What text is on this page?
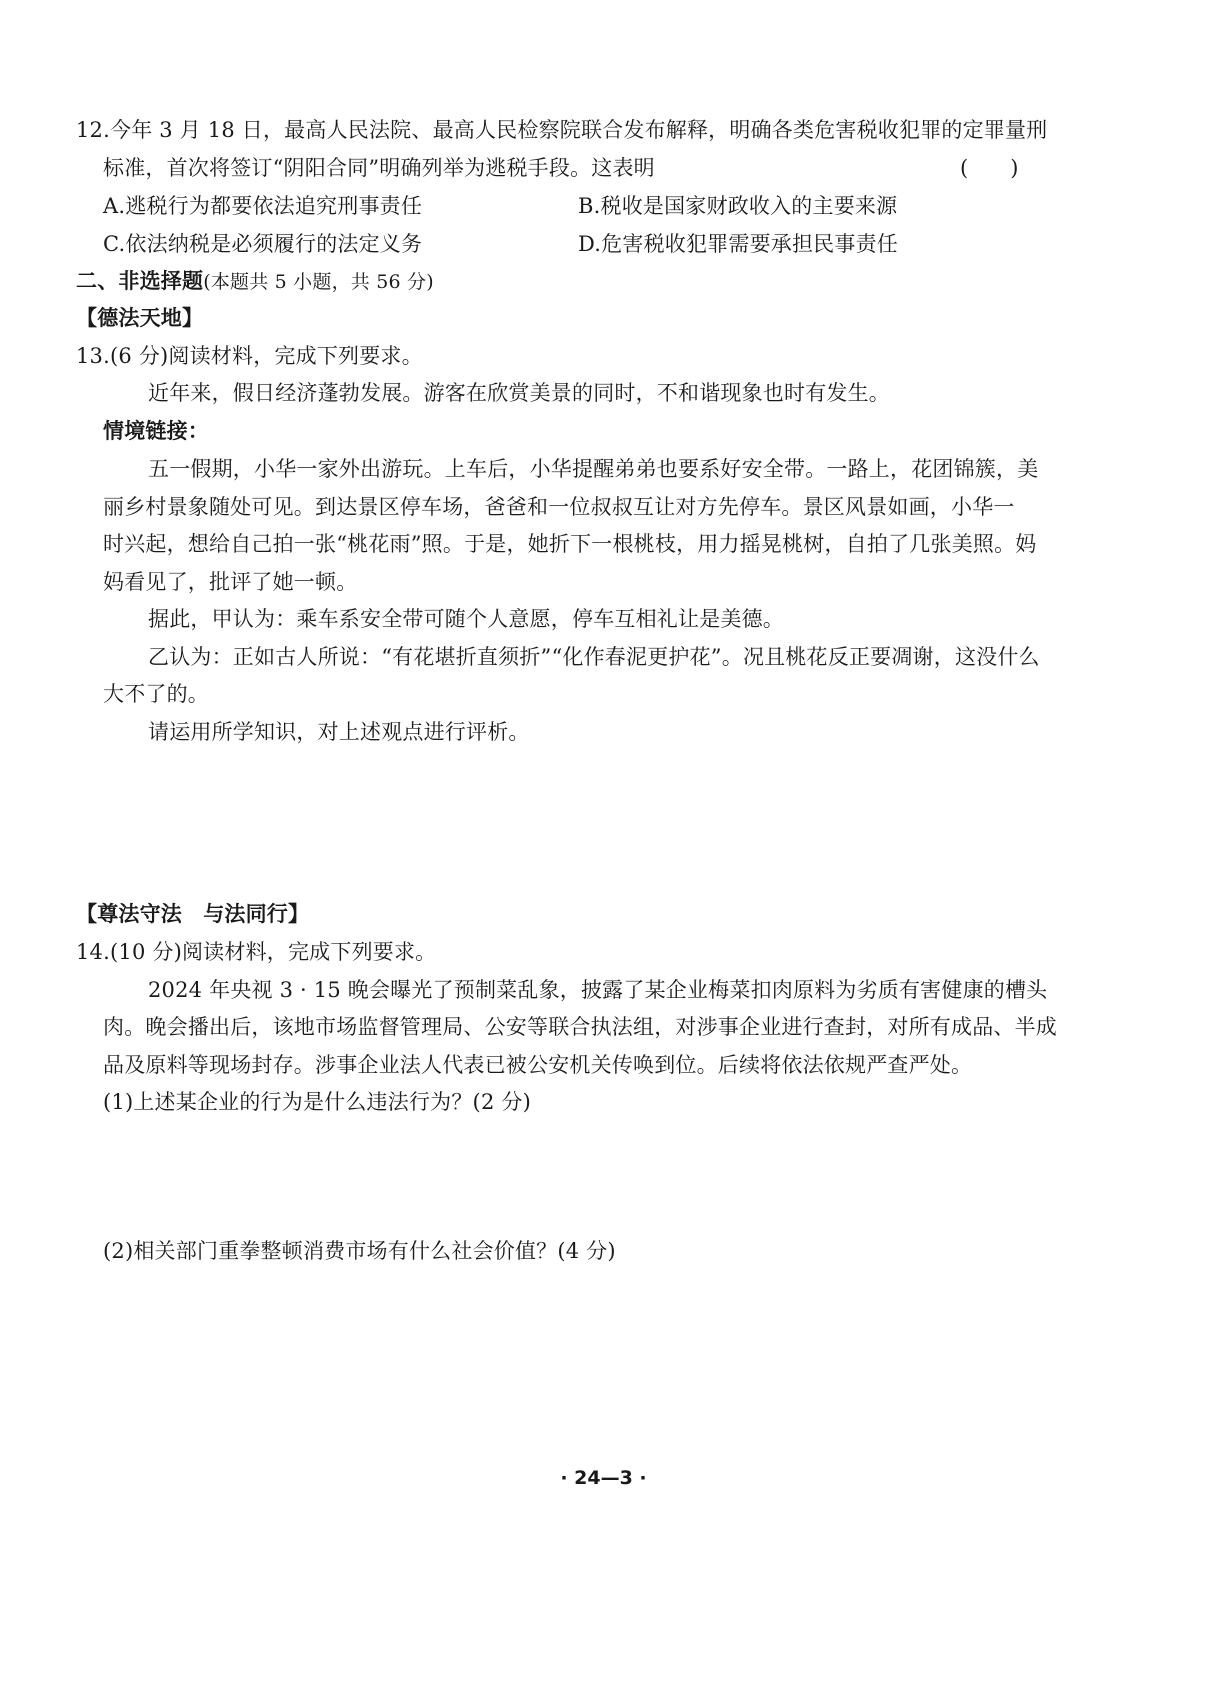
12.今年 3 月 18 日，最高人民法院、最高人民检察院联合发布解释，明确各类危害税收犯罪的定罪量刑
标准，首次将签订“阴阳合同”明确列举为逃税手段。这表明	(　　)
A.逃税行为都要依法追究刑事责任	B.税收是国家财政收入的主要来源
C.依法纳税是必须履行的法定义务	D.危害税收犯罪需要承担民事责任
二、非选择题(本题共 5 小题，共 56 分)
【德法天地】
13.(6 分)阅读材料，完成下列要求。
近年来，假日经济蓬勃发展。游客在欣赏美景的同时，不和谐现象也时有发生。
情境链接：
五一假期，小华一家外出游玩。上车后，小华提醒弟弟也要系好安全带。一路上，花团锦簇，美
丽乡村景象随处可见。到达景区停车场，爸爸和一位叔叔互让对方先停车。景区风景如画，小华一
时兴起，想给自己拍一张“桃花雨”照。于是，她折下一根桃枝，用力摇晃桃树，自拍了几张美照。妈
妈看见了，批评了她一顿。
据此，甲认为：乘车系安全带可随个人意愿，停车互相礼让是美德。
乙认为：正如古人所说：“有花堪折直须折”“化作春泥更护花”。况且桃花反正要凋谢，这没什么
大不了的。
请运用所学知识，对上述观点进行评析。
【尊法守法　与法同行】
14.(10 分)阅读材料，完成下列要求。
2024 年央视 3 · 15 晚会曝光了预制菜乱象，披露了某企业梅菜扣肉原料为劣质有害健康的槽头
肉。晚会播出后，该地市场监督管理局、公安等联合执法组，对涉事企业进行查封，对所有成品、半成
品及原料等现场封存。涉事企业法人代表已被公安机关传唤到位。后续将依法依规严查严处。
(1)上述某企业的行为是什么违法行为？(2 分)
(2)相关部门重拳整顿消费市场有什么社会价值？(4 分)
· 24—3 ·
